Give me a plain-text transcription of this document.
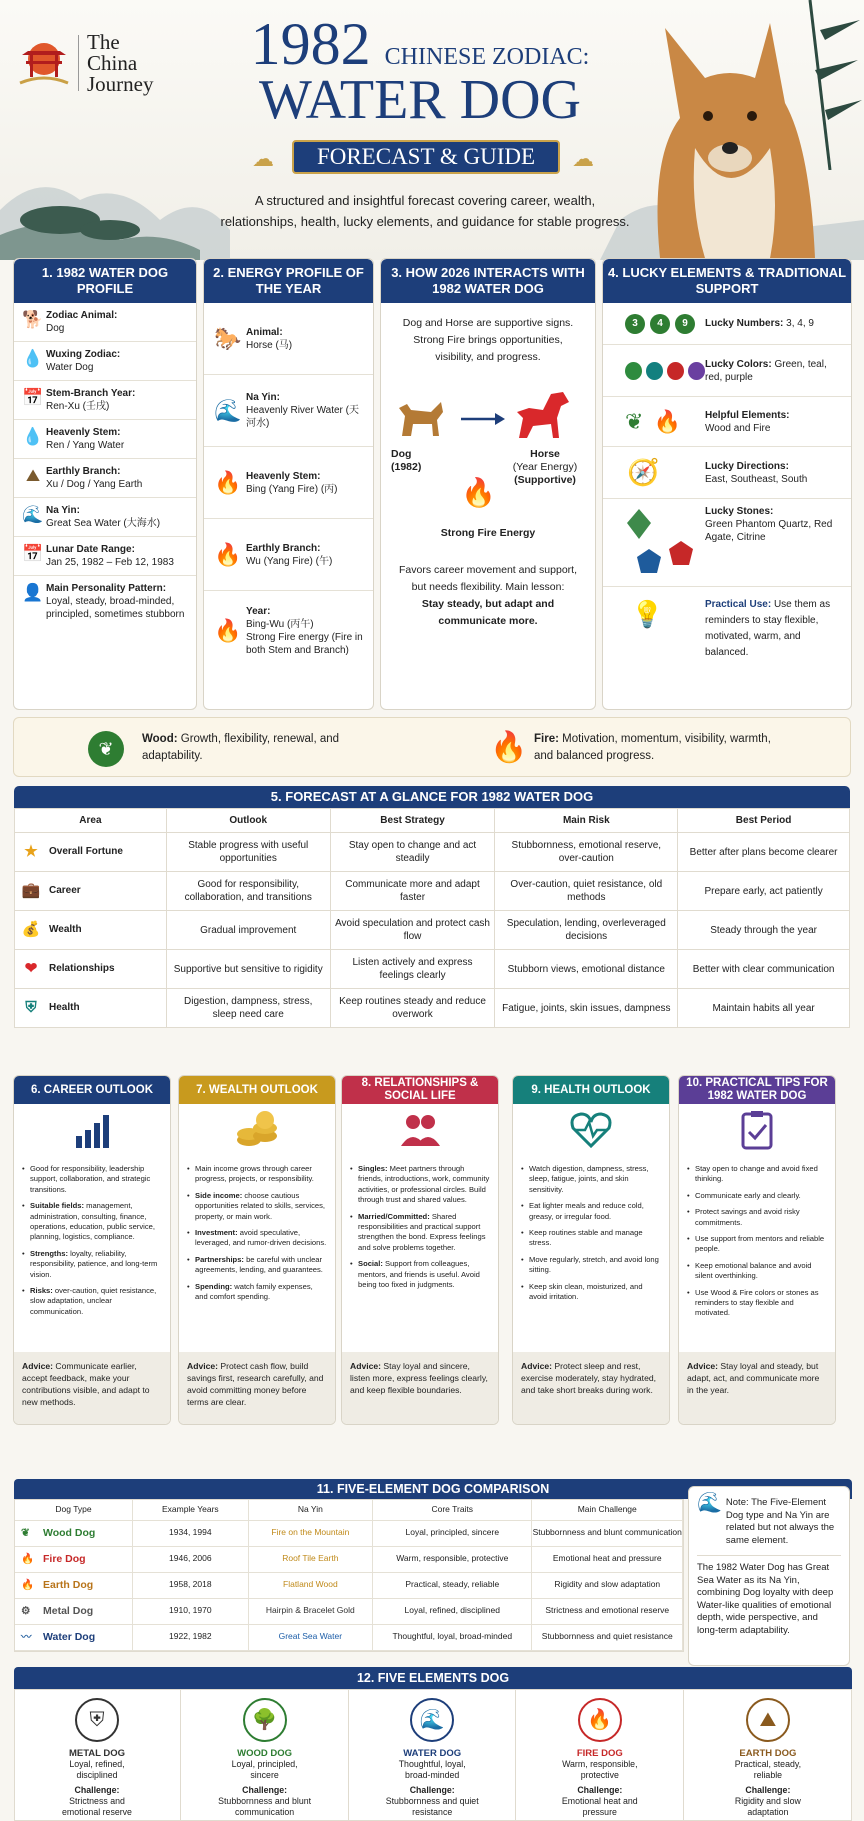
The
China
Journey
1982 CHINESE ZODIAC:
WATER DOG
FORECAST & GUIDE
☁	☁
A structured and insightful forecast covering career, wealth,
relationships, health, lucky elements, and guidance for stable progress.
1. 1982 WATER DOG PROFILE
🐕 Zodiac Animal:
Dog
💧 Wuxing Zodiac:
Water Dog
📅 Stem-Branch Year:
Ren-Xu (壬戌)
💧 Heavenly Stem:
Ren / Yang Water
⛰ Earthly Branch:
Xu / Dog / Yang Earth
🌊 Na Yin:
Great Sea Water (大海水)
📅 Lunar Date Range:
Jan 25, 1982 – Feb 12, 1983
👤 Main Personality Pattern:
Loyal, steady, broad-minded, principled, sometimes stubborn
2. ENERGY PROFILE OF THE YEAR
🐎 Animal:
Horse (马)
🌊
Na Yin:
Heavenly River Water (天河水)
🔥 Heavenly Stem:
Bing (Yang Fire) (丙)
🔥 Earthly Branch:
Wu (Yang Fire) (午)
🔥
Year:
Bing-Wu (丙午)
Strong Fire energy (Fire in both Stem and Branch)
3. HOW 2026 INTERACTS WITH 1982 WATER DOG
Dog and Horse are supportive signs. Strong Fire brings opportunities, visibility, and progress.
Dog
(1982)
Horse
(Year Energy)
(Supportive)
🔥
Strong Fire Energy
Favors career movement and support, but needs flexibility. Main lesson:
Stay steady, but adapt and communicate more.
4. LUCKY ELEMENTS & TRADITIONAL SUPPORT
3	4	9	Lucky Numbers: 3, 4, 9
Lucky Colors: Green, teal, red, purple
❦ 🔥 Helpful Elements:
Wood and Fire
🧭	Lucky Directions:
East, Southeast, South
Lucky Stones:
Green Phantom Quartz, Red Agate, Citrine
💡	Practical Use: Use them as reminders to stay flexible, motivated, warm, and balanced.
❦	Wood: Growth, flexibility, renewal, and adaptability.	🔥 Fire: Motivation, momentum, visibility, warmth, and balanced progress.
5. FORECAST AT A GLANCE FOR 1982 WATER DOG
Area	Outlook	Best Strategy	Main Risk	Best Period
★ Overall Fortune	Stable progress with useful opportunities	Stay open to change and act steadily	Stubbornness, emotional reserve, over-caution	Better after plans become clearer
💼 Career	Good for responsibility, collaboration, and transitions	Communicate more and adapt faster	Over-caution, quiet resistance, old methods	Prepare early, act patiently
💰 Wealth	Gradual improvement	Avoid speculation and protect cash flow	Speculation, lending, overleveraged decisions	Steady through the year
❤ Relationships	Supportive but sensitive to rigidity	Listen actively and express feelings clearly	Stubborn views, emotional distance	Better with clear communication
⛨ Health	Digestion, dampness, stress, sleep need care	Keep routines steady and reduce overwork	Fatigue, joints, skin issues, dampness	Maintain habits all year
6. CAREER OUTLOOK
• Good for responsibility, leadership support, collaboration, and strategic transitions.
• Suitable fields: management, administration, consulting, finance, operations, education, public service, planning, logistics, compliance.
• Strengths: loyalty, reliability, responsibility, patience, and long-term vision.
• Risks: over-caution, quiet resistance, slow adaptation, unclear communication.
Advice: Communicate earlier, accept feedback, make your contributions visible, and adapt to new methods.
7. WEALTH OUTLOOK
• Main income grows through career progress, projects, or responsibility.
• Side income: choose cautious opportunities related to skills, services, property, or main work.
• Investment: avoid speculative, leveraged, and rumor-driven decisions.
• Partnerships: be careful with unclear agreements, lending, and guarantees.
• Spending: watch family expenses, and comfort spending.
Advice: Protect cash flow, build savings first, research carefully, and avoid committing money before terms are clear.
8. RELATIONSHIPS & SOCIAL LIFE
• Singles: Meet partners through friends, introductions, work, community activities, or professional circles. Build through trust and shared values.
• Married/Committed: Shared responsibilities and practical support strengthen the bond. Express feelings and solve problems together.
• Social: Support from colleagues, mentors, and friends is useful. Avoid being too fixed in judgments.
Advice: Stay loyal and sincere, listen more, express feelings clearly, and keep flexible boundaries.
9. HEALTH OUTLOOK
• Watch digestion, dampness, stress, sleep, fatigue, joints, and skin sensitivity.
• Eat lighter meals and reduce cold, greasy, or irregular food.
• Keep routines stable and manage stress.
• Move regularly, stretch, and avoid long sitting.
• Keep skin clean, moisturized, and avoid irritation.
Advice: Protect sleep and rest, exercise moderately, stay hydrated, and take short breaks during work.
10. PRACTICAL TIPS FOR 1982 WATER DOG
• Stay open to change and avoid fixed thinking.
• Communicate early and clearly.
• Protect savings and avoid risky commitments.
• Use support from mentors and reliable people.
• Keep emotional balance and avoid silent overthinking.
• Use Wood & Fire colors or stones as reminders to stay flexible and motivated.
Advice: Stay loyal and steady, but adapt, act, and communicate more in the year.
11. FIVE-ELEMENT DOG COMPARISON
Dog Type	Example Years	Na Yin	Core Traits	Main Challenge
❦ Wood Dog	1934, 1994	Fire on the Mountain	Loyal, principled, sincere	Stubbornness and blunt communication
🔥 Fire Dog	1946, 2006	Roof Tile Earth	Warm, responsible, protective	Emotional heat and pressure
🔥 Earth Dog	1958, 2018	Flatland Wood	Practical, steady, reliable	Rigidity and slow adaptation
⚙ Metal Dog	1910, 1970	Hairpin & Bracelet Gold	Loyal, refined, disciplined	Strictness and emotional reserve
〰 Water Dog	1922, 1982	Great Sea Water	Thoughtful, loyal, broad-minded	Stubbornness and quiet resistance
🌊 Note: The Five-Element Dog type and Na Yin are related but not always the same element.
The 1982 Water Dog has Great Sea Water as its Na Yin, combining Dog loyalty with deep Water-like qualities of emotional depth, wide perspective, and long-term adaptability.
12. FIVE ELEMENTS DOG
⛨
METAL DOG
Loyal, refined, disciplined
Challenge:
Strictness and emotional reserve
🌳
WOOD DOG
Loyal, principled, sincere
Challenge:
Stubbornness and blunt communication
🌊
WATER DOG
Thoughtful, loyal, broad-minded
Challenge:
Stubbornness and quiet resistance
🔥
FIRE DOG
Warm, responsible, protective
Challenge:
Emotional heat and pressure
⛰
EARTH DOG
Practical, steady, reliable
Challenge:
Rigidity and slow adaptation
